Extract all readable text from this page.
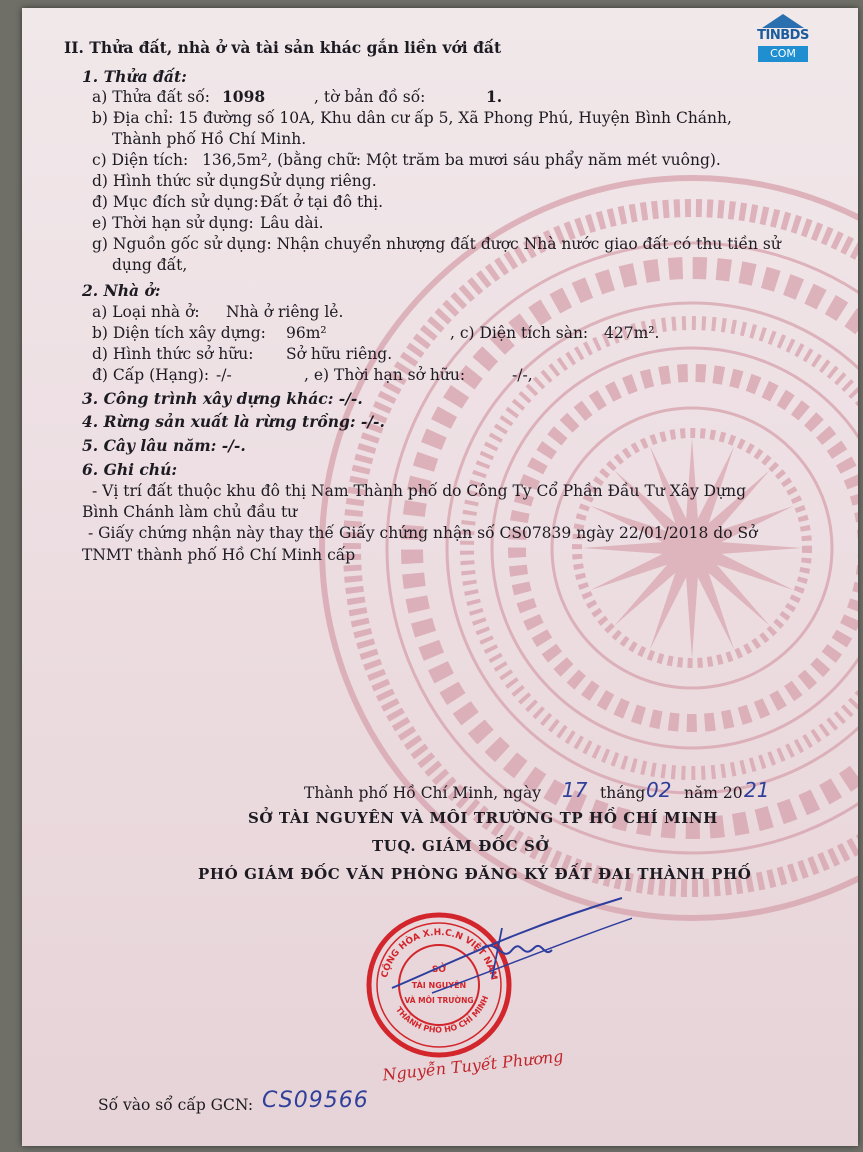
TINBDS
COM
II. Thửa đất, nhà ở và tài sản khác gắn liền với đất
1. Thửa đất:
a) Thửa đất số: 1098	, tờ bản đồ số:	1.
b) Địa chỉ: 15 đường số 10A, Khu dân cư ấp 5, Xã Phong Phú, Huyện Bình Chánh,
Thành phố Hồ Chí Minh.
c) Diện tích: 136,5m², (bằng chữ: Một trăm ba mươi sáu phẩy năm mét vuông).
d) Hình thức sử dụng:
Sử dụng riêng.
đ) Mục đích sử dụng: Đất ở tại đô thị.
e) Thời hạn sử dụng: Lâu dài.
g) Nguồn gốc sử dụng: Nhận chuyển nhượng đất được Nhà nước giao đất có thu tiền sử
dụng đất,
2. Nhà ở:
a) Loại nhà ở: Nhà ở riêng lẻ.
b) Diện tích xây dựng: 96m²	, c) Diện tích sàn: 427m².
d) Hình thức sở hữu: Sở hữu riêng.
đ) Cấp (Hạng): -/-	, e) Thời hạn sở hữu:	-/-,
3. Công trình xây dựng khác: -/-.
4. Rừng sản xuất là rừng trồng: -/-.
5. Cây lâu năm: -/-.
6. Ghi chú:
- Vị trí đất thuộc khu đô thị Nam Thành phố do Công Ty Cổ Phần Đầu Tư Xây Dựng
Bình Chánh làm chủ đầu tư
- Giấy chứng nhận này thay thế Giấy chứng nhận số CS07839 ngày 22/01/2018 do Sở
TNMT thành phố Hồ Chí Minh cấp
Thành phố Hồ Chí Minh, ngày 17 tháng 02 năm 20 21
SỞ TÀI NGUYÊN VÀ MÔI TRƯỜNG TP HỒ CHÍ MINH
TUQ. GIÁM ĐỐC SỞ
PHÓ GIÁM ĐỐC VĂN PHÒNG ĐĂNG KÝ ĐẤT ĐAI THÀNH PHỐ
CỘNG HÒA X.H.C.N VIỆT NAM
THÀNH PHỐ HỒ CHÍ MINH
SỞ
TÀI NGUYÊN
VÀ MÔI TRƯỜNG
Nguyễn Tuyết Phương
Số vào sổ cấp GCN: CS09566
